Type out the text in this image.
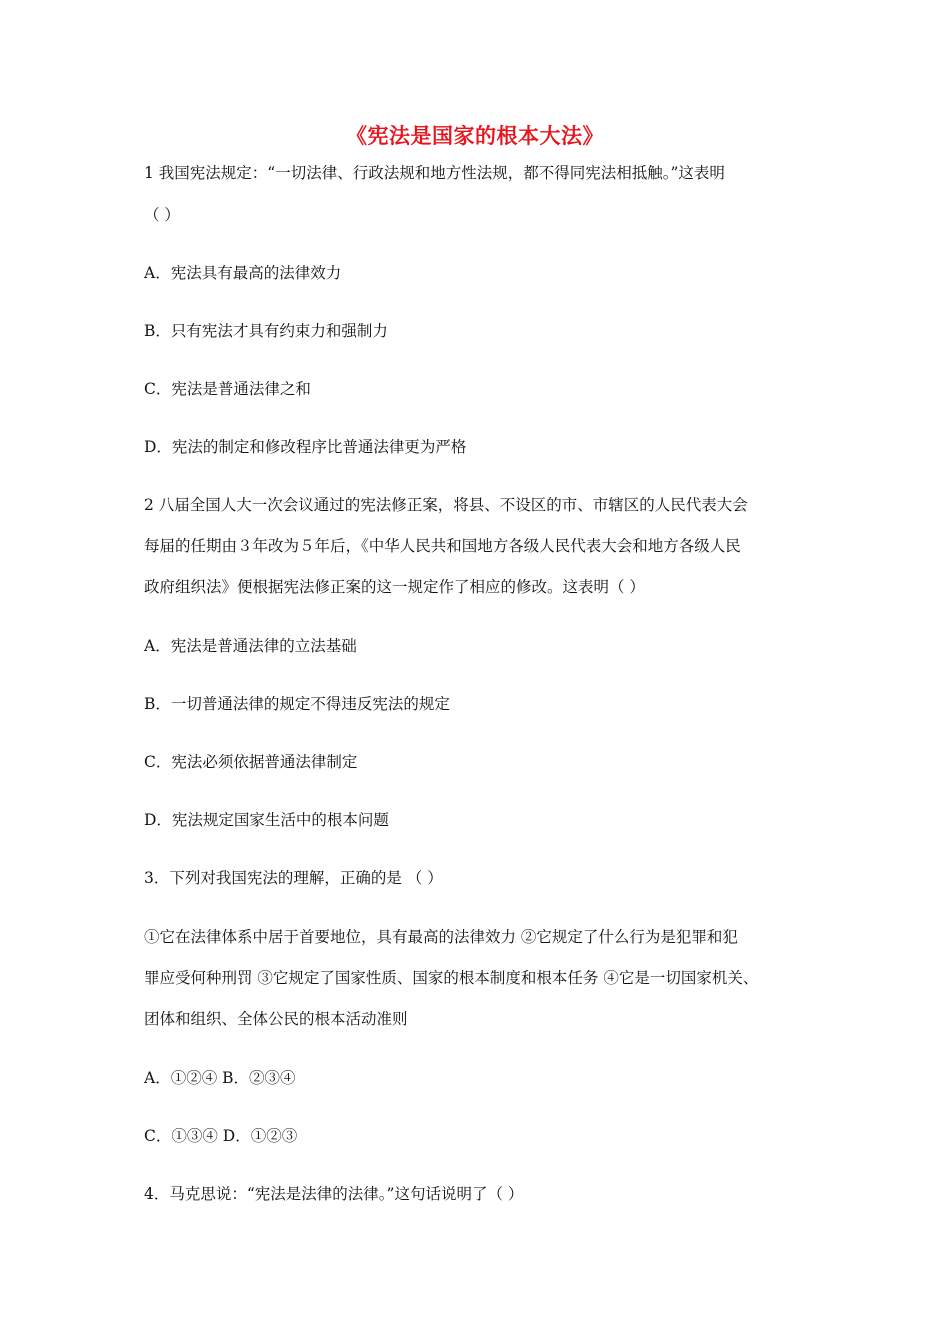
《宪法是国家的根本大法》
1 我国宪法规定：“一切法律、行政法规和地方性法规，都不得同宪法相抵触。”这表明
（ ）
A．宪法具有最高的法律效力
B．只有宪法才具有约束力和强制力
C．宪法是普通法律之和
D．宪法的制定和修改程序比普通法律更为严格
2 八届全国人大一次会议通过的宪法修正案，将县、不设区的市、市辖区的人民代表大会
每届的任期由３年改为５年后，《中华人民共和国地方各级人民代表大会和地方各级人民
政府组织法》便根据宪法修正案的这一规定作了相应的修改。这表明（ ）
A．宪法是普通法律的立法基础
B．一切普通法律的规定不得违反宪法的规定
C．宪法必须依据普通法律制定
D．宪法规定国家生活中的根本问题
3．下列对我国宪法的理解，正确的是 （ ）
①它在法律体系中居于首要地位，具有最高的法律效力 ②它规定了什么行为是犯罪和犯
罪应受何种刑罚 ③它规定了国家性质、国家的根本制度和根本任务 ④它是一切国家机关、
团体和组织、全体公民的根本活动准则
A．①②④ B．②③④
C．①③④ D．①②③
4．马克思说：“宪法是法律的法律。”这句话说明了（ ）
